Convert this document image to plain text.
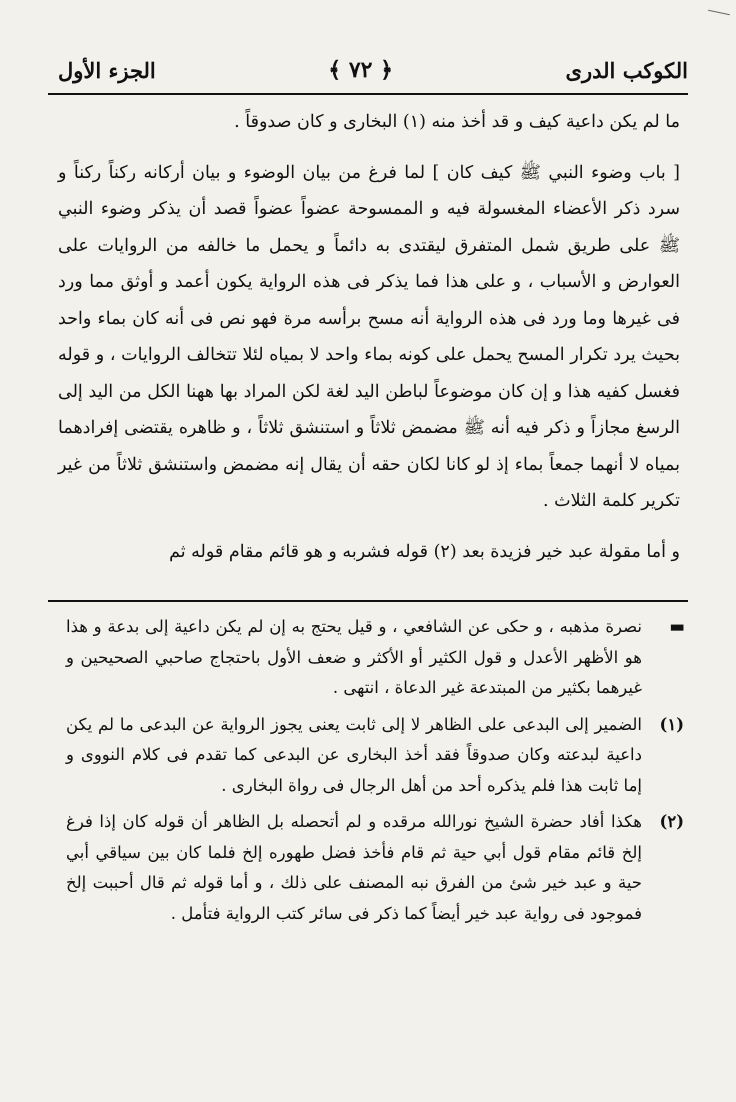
الكوكب الدرى
﴿ ٧٢ ﴾
الجزء الأول

ما لم يكن داعية كيف و قد أخذ منه (١) البخارى و كان صدوقاً .

[ باب وضوء النبي ﷺ كيف كان ] لما فرغ من بيان الوضوء و بيان أركانه ركناً ركناً و سرد ذكر الأعضاء المغسولة فيه و الممسوحة عضواً عضواً قصد أن يذكر وضوء النبي ﷺ على طريق شمل المتفرق ليقتدى به دائماً و يحمل ما خالفه من الروايات على العوارض و الأسباب ، و على هذا فما يذكر فى هذه الرواية يكون أعمد و أوثق مما ورد فى غيرها وما ورد فى هذه الرواية أنه مسح برأسه مرة فهو نص فى أنه كان بماء واحد بحيث يرد تكرار المسح يحمل على كونه بماء واحد لا بمياه لئلا تتخالف الروايات ، و قوله فغسل كفيه هذا و إن كان موضوعاً لباطن اليد لغة لكن المراد بها ههنا الكل من اليد إلى الرسغ مجازاً و ذكر فيه أنه ﷺ مضمض ثلاثاً و استنشق ثلاثاً ، و ظاهره يقتضى إفرادهما بمياه لا أنهما جمعاً بماء إذ لو كانا لكان حقه أن يقال إنه مضمض واستنشق ثلاثاً من غير تكرير كلمة الثلاث .

و أما مقولة عبد خير فزيدة بعد (٢) قوله فشربه و هو قائم مقام قوله ثم

▬
نصرة مذهبه ، و حكى عن الشافعي ، و قيل يحتج به إن لم يكن داعية إلى بدعة و هذا هو الأظهر الأعدل و قول الكثير أو الأكثر و ضعف الأول باحتجاج صاحبي الصحيحين و غيرهما بكثير من المبتدعة غير الدعاة ، انتهى .
(١)
الضمير إلى البدعى على الظاهر لا إلى ثابت يعنى يجوز الرواية عن البدعى ما لم يكن داعية لبدعته وكان صدوقاً فقد أخذ البخارى عن البدعى كما تقدم فى كلام النووى و إما ثابت هذا فلم يذكره أحد من أهل الرجال فى رواة البخارى .
(٢)
هكذا أفاد حضرة الشيخ نورالله مرقده و لم أتحصله بل الظاهر أن قوله كان إذا فرغ إلخ قائم مقام قول أبي حية ثم قام فأخذ فضل طهوره إلخ فلما كان بين سياقي أبي حية و عبد خير شئ من الفرق نبه المصنف على ذلك ، و أما قوله ثم قال أحببت إلخ فموجود فى رواية عبد خير أيضاً كما ذكر فى سائر كتب الرواية فتأمل .
